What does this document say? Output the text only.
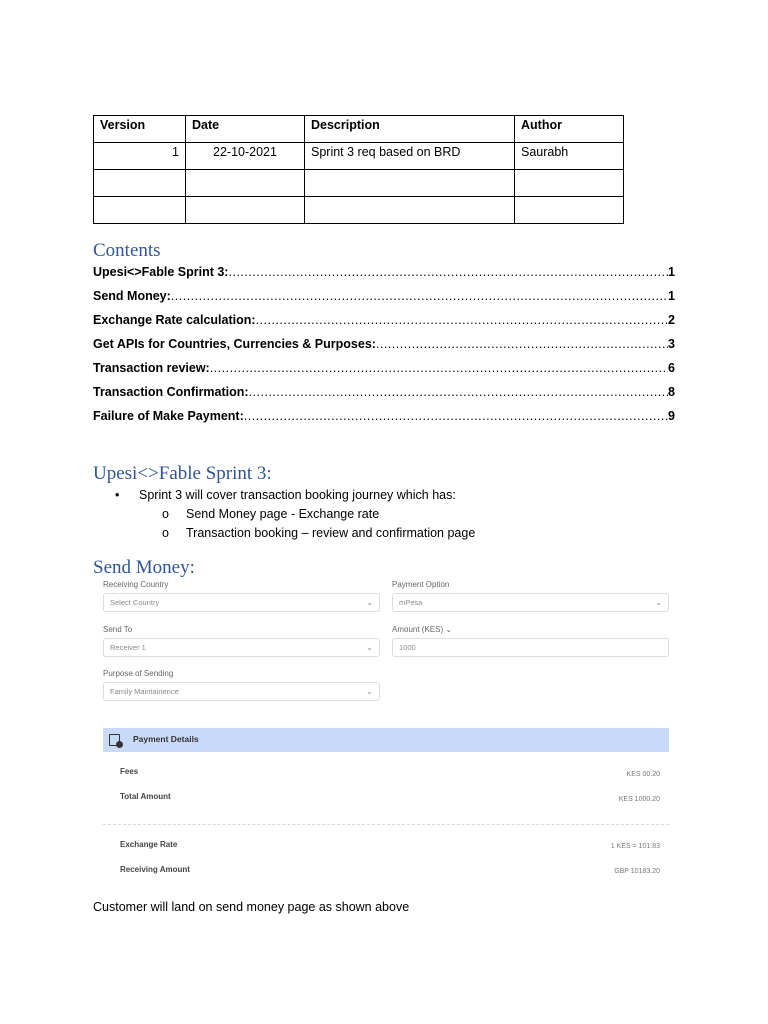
Version	Date	Description	Author
1	22-10-2021	Sprint 3 req based on BRD	Saurabh

Contents
Upesi<>Fable Sprint 3: .....	1
Send Money: .....	1
Exchange Rate calculation: .....	2
Get APIs for Countries, Currencies & Purposes: .....	3
Transaction review: .....	6
Transaction Confirmation: .....	8
Failure of Make Payment: .....	9
Upesi<>Fable Sprint 3:
•	Sprint 3 will cover transaction booking journey which has:
o	Send Money page - Exchange rate
o	Transaction booking – review and confirmation page
Send Money:
Receiving Country
Select Country	⌄
Payment Option
mPesa	⌄
Send To
Receiver 1	⌄
Amount (KES) ⌄
1000
Purpose of Sending
Family Maintainence	⌄
Payment Details
Fees	KES 00.20
Total Amount	KES 1000.20
Exchange Rate	1 KES = 101.83
Receiving Amount	GBP 10183.20
Customer will land on send money page as shown above
